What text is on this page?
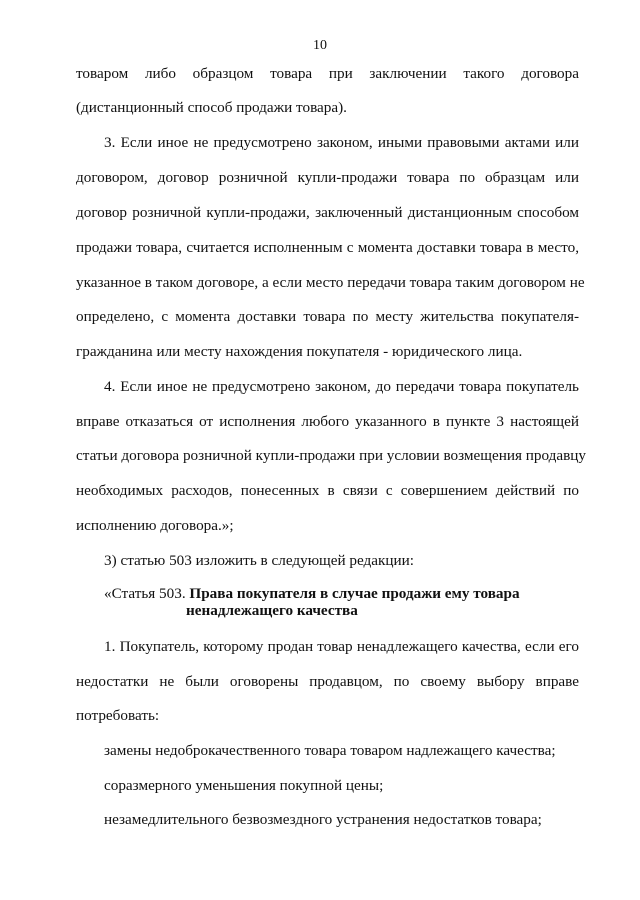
10
товаром либо образцом товара при заключении такого договора
(дистанционный способ продажи товара).
3. Если иное не предусмотрено законом, иными правовыми актами или
договором, договор розничной купли-продажи товара по образцам или
договор розничной купли-продажи, заключенный дистанционным способом
продажи товара, считается исполненным с момента доставки товара в место,
указанное в таком договоре, а если место передачи товара таким договором не
определено, с момента доставки товара по месту жительства покупателя-
гражданина или месту нахождения покупателя - юридического лица.
4. Если иное не предусмотрено законом, до передачи товара покупатель
вправе отказаться от исполнения любого указанного в пункте 3 настоящей
статьи договора розничной купли-продажи при условии возмещения продавцу
необходимых расходов, понесенных в связи с совершением действий по
исполнению договора.»;
3) статью 503 изложить в следующей редакции:
«Статья 503. Права покупателя в случае продажи ему товара
ненадлежащего качества
1. Покупатель, которому продан товар ненадлежащего качества, если его
недостатки не были оговорены продавцом, по своему выбору вправе
потребовать:
замены недоброкачественного товара товаром надлежащего качества;
соразмерного уменьшения покупной цены;
незамедлительного безвозмездного устранения недостатков товара;
